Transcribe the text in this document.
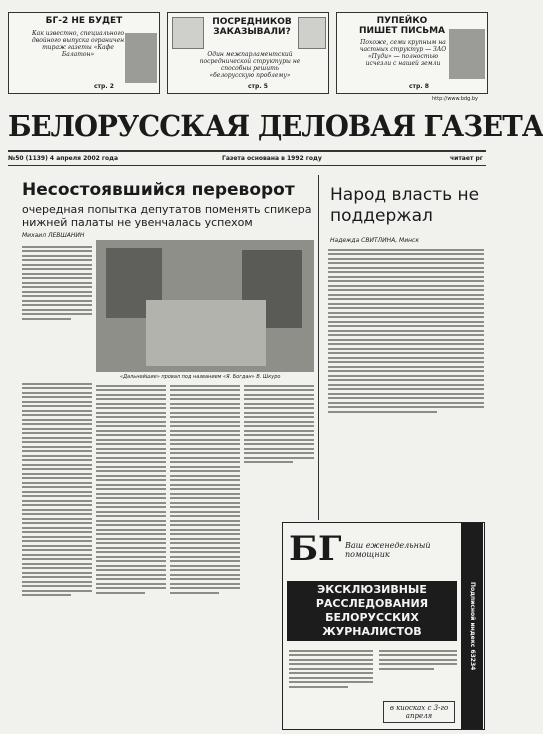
БГ-2 НЕ БУДЕТ
Как известно, специального двойного выпуска ограничен тираж газеты «Кафе Балатон»
стр. 2
ПОСРЕДНИКОВ ЗАКАЗЫВАЛИ?
Один межпарламентский посреднической структуры не способны решить «белорусскую проблему»
стр. 5
ПУПЕЙКО ПИШЕТ ПИСЬМА
Похоже, семи крупным на частных структур — ЗАО «Пуди» — полностью исчезли с нашей земли
стр. 8
http://www.bdg.by
БЕЛОРУССКАЯ ДЕЛОВАЯ ГАЗЕТА
№50 (1139) 4 апреля 2002 года	Газета основана в 1992 году	читает рг
Несостоявшийся переворот
очередная попытка депутатов поменять спикера нижней палаты не увенчалась успехом
Михаил ЛЕВШАНИН
«Дальнейшие» провал под названием «Я. Богдан» В. Шкуро
Народ власть не поддержал
Надежда СВИТЛИНА, Минск
БГ Ваш еженедельный помощник
ЭКСКЛЮЗИВНЫЕ РАССЛЕДОВАНИЯ БЕЛОРУССКИХ ЖУРНАЛИСТОВ
в киосках с 3-го апреля
Подписной индекс 63234
